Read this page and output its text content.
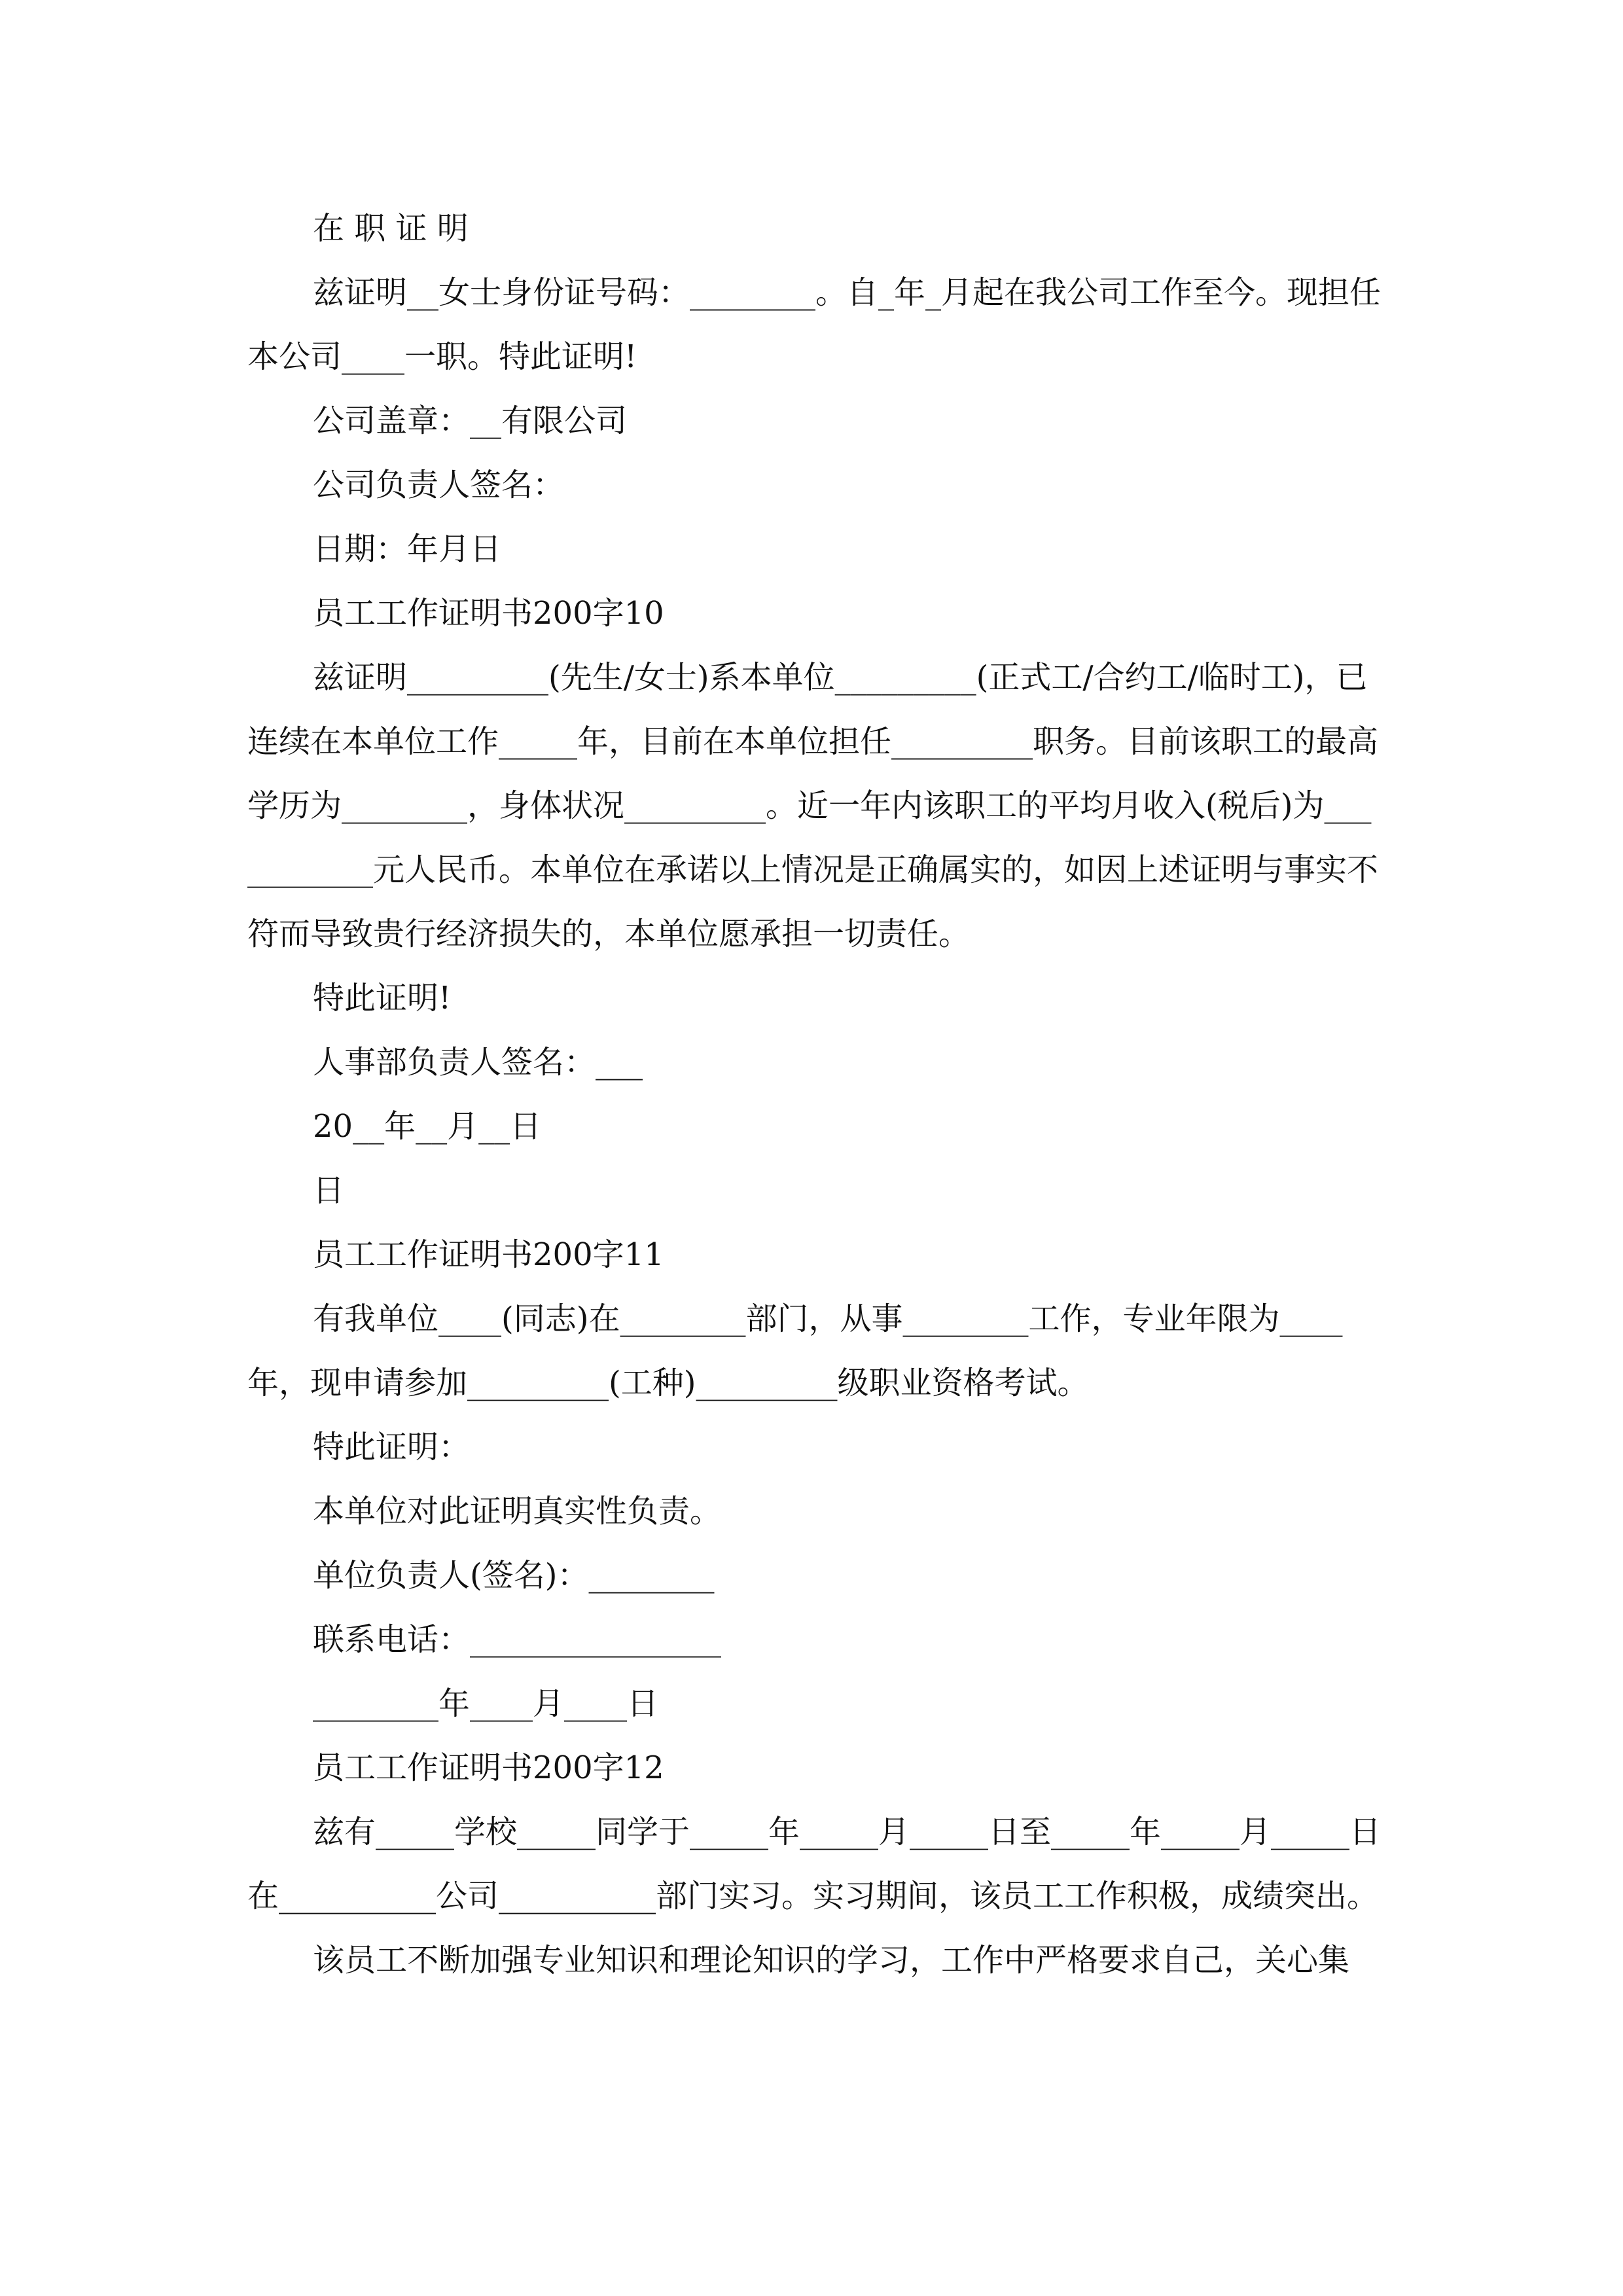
在 职 证 明

兹证明__女士身份证号码：________。自_年_月起在我公司工作至今。现担任本公司____一职。特此证明!

公司盖章：__有限公司

公司负责人签名：

日期：年月日

员工工作证明书200字10

兹证明_________(先生/女士)系本单位_________(正式工/合约工/临时工)，已连续在本单位工作_____年，目前在本单位担任_________职务。目前该职工的最高学历为________，身体状况_________。近一年内该职工的平均月收入(税后)为___________元人民币。本单位在承诺以上情况是正确属实的，如因上述证明与事实不符而导致贵行经济损失的，本单位愿承担一切责任。

特此证明!

人事部负责人签名：___

20__年__月__日

日

员工工作证明书200字11

有我单位____(同志)在________部门，从事________工作，专业年限为____年，现申请参加_________(工种)_________级职业资格考试。

特此证明：

本单位对此证明真实性负责。

单位负责人(签名)：________

联系电话：________________

________年____月____日

员工工作证明书200字12

兹有_____学校_____同学于_____年_____月_____日至_____年_____月_____日在__________公司__________部门实习。实习期间，该员工工作积极，成绩突出。

该员工不断加强专业知识和理论知识的学习，工作中严格要求自己，关心集
